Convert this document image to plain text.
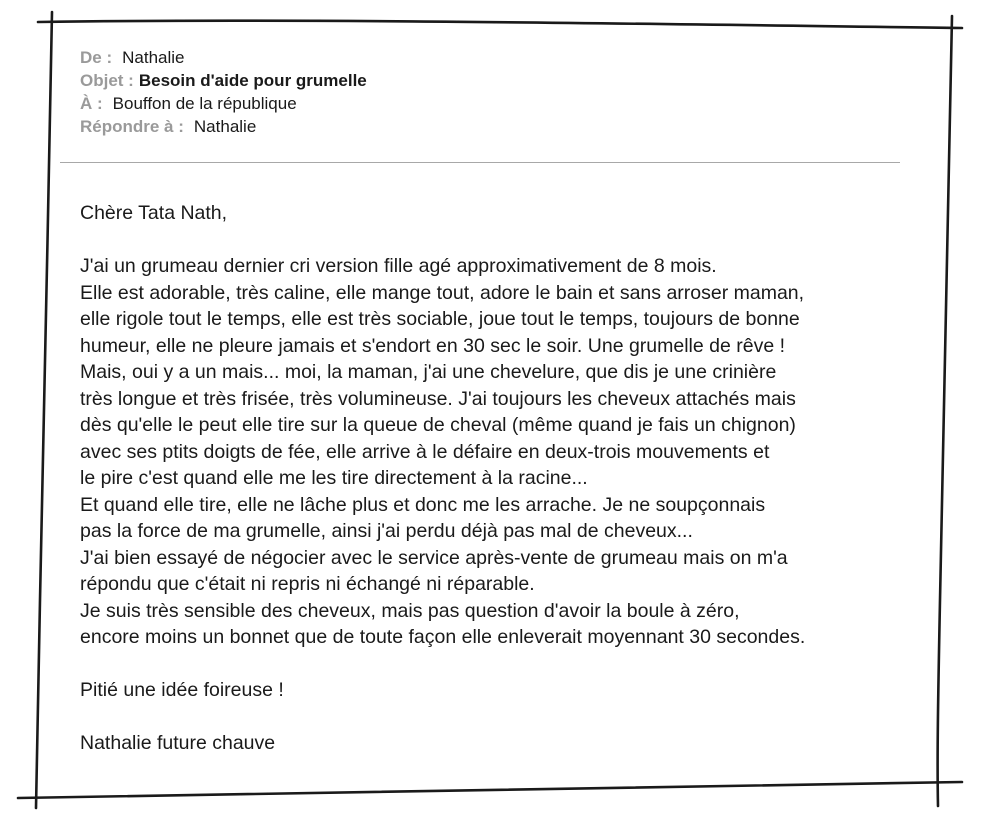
De : Nathalie
Objet : Besoin d'aide pour grumelle
À : Bouffon de la république
Répondre à : Nathalie
Chère Tata Nath,
J'ai un grumeau dernier cri version fille agé approximativement de 8 mois.
Elle est adorable, très caline, elle mange tout, adore le bain et sans arroser maman,
elle rigole tout le temps, elle est très sociable, joue tout le temps, toujours de bonne
humeur, elle ne pleure jamais et s'endort en 30 sec le soir. Une grumelle de rêve !
Mais, oui y a un mais... moi, la maman, j'ai une chevelure, que dis je une crinière
très longue et très frisée, très volumineuse. J'ai toujours les cheveux attachés mais
dès qu'elle le peut elle tire sur la queue de cheval (même quand je fais un chignon)
avec ses ptits doigts de fée, elle arrive à le défaire en deux-trois mouvements et
le pire c'est quand elle me les tire directement à la racine...
Et quand elle tire, elle ne lâche plus et donc me les arrache. Je ne soupçonnais
pas la force de ma grumelle, ainsi j'ai perdu déjà pas mal de cheveux...
J'ai bien essayé de négocier avec le service après-vente de grumeau mais on m'a
répondu que c'était ni repris ni échangé ni réparable.
Je suis très sensible des cheveux, mais pas question d'avoir la boule à zéro,
encore moins un bonnet que de toute façon elle enleverait moyennant 30 secondes.
Pitié une idée foireuse !
Nathalie future chauve
